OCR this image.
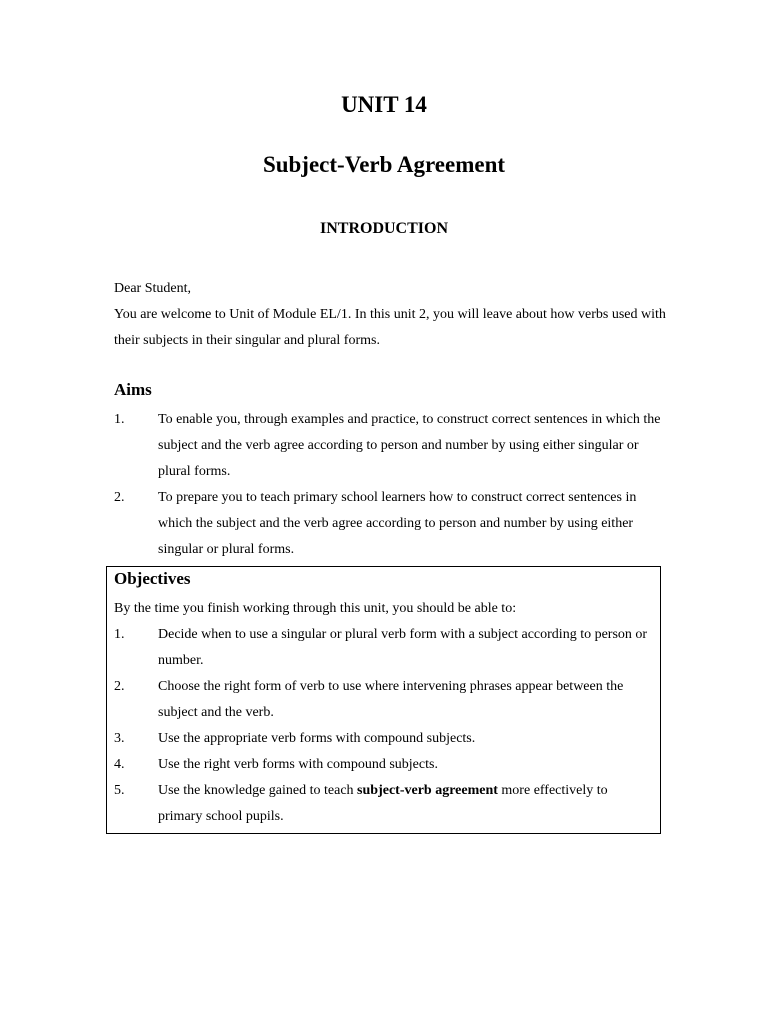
UNIT 14
Subject-Verb Agreement
INTRODUCTION

Dear Student,

You are welcome to Unit of Module EL/1. In this unit 2, you will leave about how verbs used with their subjects in their singular and plural forms.

Aims
1.	To enable you, through examples and practice, to construct correct sentences in which the subject and the verb agree according to person and number by using either singular or plural forms.
2.	To prepare you to teach primary school learners how to construct correct sentences in which the subject and the verb agree according to person and number by using either singular or plural forms.
Objectives

By the time you finish working through this unit, you should be able to:

1.	Decide when to use a singular or plural verb form with a subject according to person or number.
2.	Choose the right form of verb to use where intervening phrases appear between the subject and the verb.
3.	Use the appropriate verb forms with compound subjects.
4.	Use the right verb forms with compound subjects.
5.	Use the knowledge gained to teach subject-verb agreement more effectively to primary school pupils.
